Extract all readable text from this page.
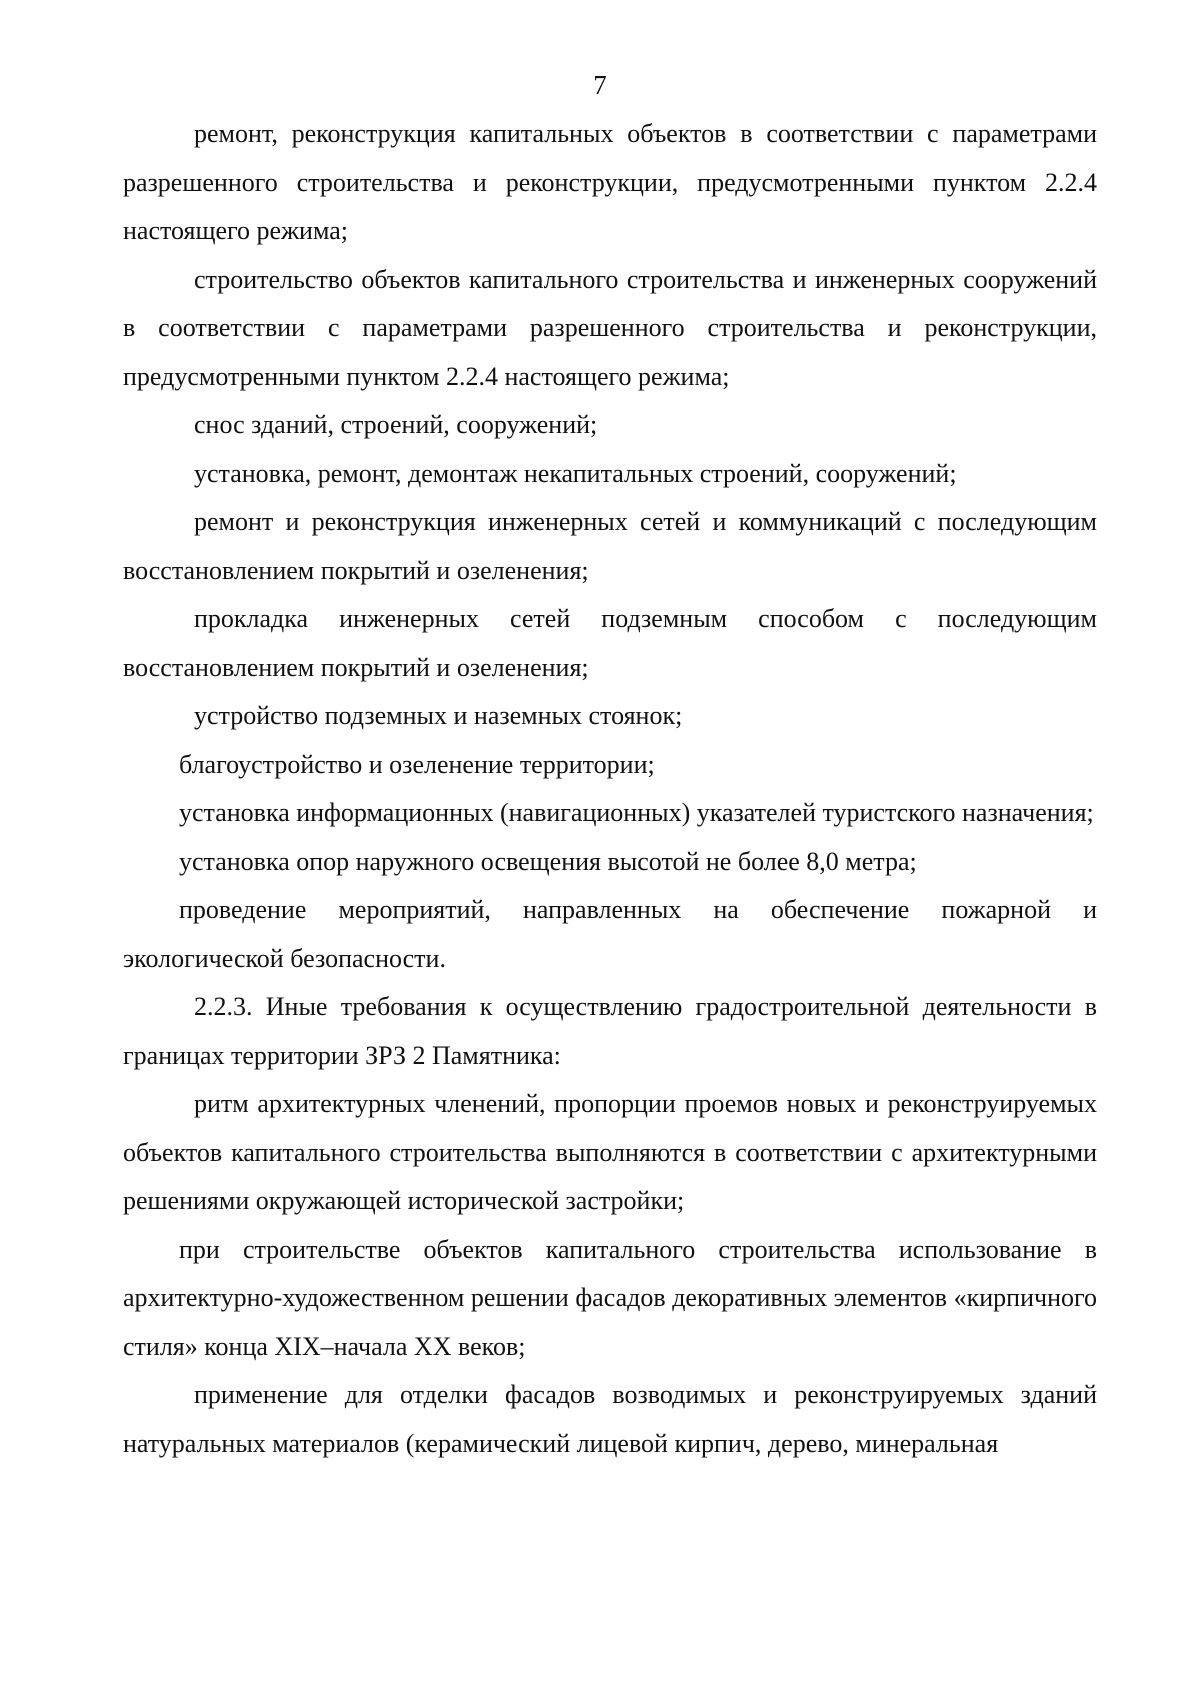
7

ремонт, реконструкция капитальных объектов в соответствии с параметрами разрешенного строительства и реконструкции, предусмотренными пунктом 2.2.4 настоящего режима;

строительство объектов капитального строительства и инженерных сооружений в соответствии с параметрами разрешенного строительства и реконструкции, предусмотренными пунктом 2.2.4 настоящего режима;

снос зданий, строений, сооружений;

установка, ремонт, демонтаж некапитальных строений, сооружений;

ремонт и реконструкция инженерных сетей и коммуникаций с последующим восстановлением покрытий и озеленения;

прокладка инженерных сетей подземным способом с последующим восстановлением покрытий и озеленения;

устройство подземных и наземных стоянок;

благоустройство и озеленение территории;

установка информационных (навигационных) указателей туристского назначения;

установка опор наружного освещения высотой не более 8,0 метра;

проведение мероприятий, направленных на обеспечение пожарной и экологической безопасности.

2.2.3. Иные требования к осуществлению градостроительной деятельности в границах территории ЗРЗ 2 Памятника:

ритм архитектурных членений, пропорции проемов новых и реконструируемых объектов капитального строительства выполняются в соответствии с архитектурными решениями окружающей исторической застройки;

при строительстве объектов капитального строительства использование в архитектурно-художественном решении фасадов декоративных элементов «кирпичного стиля» конца XIX–начала XX веков;

применение для отделки фасадов возводимых и реконструируемых зданий натуральных материалов (керамический лицевой кирпич, дерево, минеральная
